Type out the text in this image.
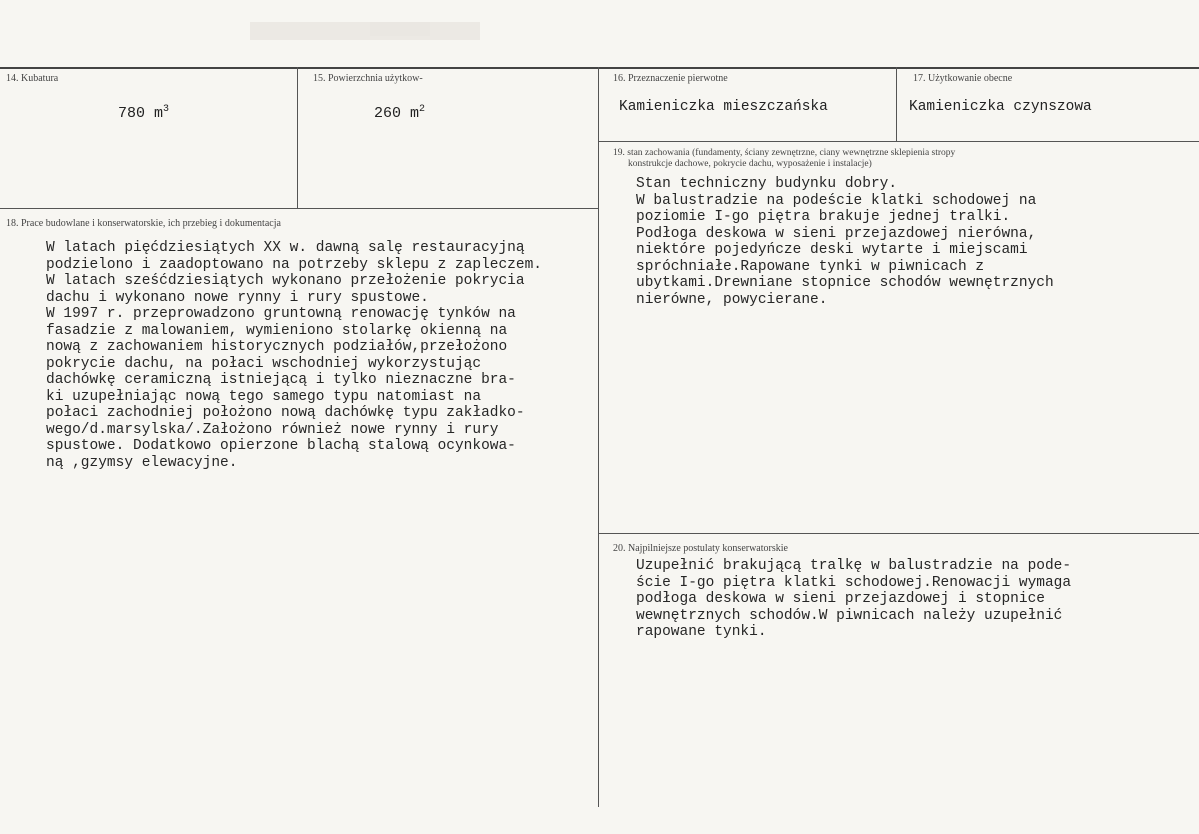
14. Kubatura
780 $m^3$
15. Powierzchnia użytkow-
260 $m^2$
16. Przeznaczenie pierwotne
Kamieniczka mieszczańska
17. Użytkowanie obecne
Kamieniczka czynszowa
18. Prace budowlane i konserwatorskie, ich przebieg i dokumentacja
W latach pięćdziesiątych XX w. dawną salę restauracyjną
podzielono i zaadoptowano na potrzeby sklepu z zapleczem.
W latach sześćdziesiątych wykonano przełożenie pokrycia
dachu i wykonano nowe rynny i rury spustowe.
W 1997 r. przeprowadzono gruntowną renowację tynków na
fasadzie z malowaniem, wymieniono stolarkę okienną na
nową z zachowaniem historycznych podziałów,przełożono
pokrycie dachu, na połaci wschodniej wykorzystując
dachówkę ceramiczną istniejącą i tylko nieznaczne bra-
ki uzupełniając nową tego samego typu natomiast na
połaci zachodniej położono nową dachówkę typu zakładko-
wego/d.marsylska/.Założono również nowe rynny i rury
spustowe. Dodatkowo opierzone blachą stalową ocynkowa-
ną ,gzymsy elewacyjne.
19. stan zachowania (fundamenty, ściany zewnętrzne, ciany wewnętrzne sklepienia stropy
konstrukcje dachowe, pokrycie dachu, wyposażenie i instalacje)
Stan techniczny budynku dobry.
W balustradzie na podeście klatki schodowej na
poziomie I-go piętra brakuje jednej tralki.
Podłoga deskowa w sieni przejazdowej nierówna,
niektóre pojedyńcze deski wytarte i miejscami
spróchniałe.Rapowane tynki w piwnicach z
ubytkami.Drewniane stopnice schodów wewnętrznych
nierówne, powycierane.
20. Najpilniejsze postulaty konserwatorskie
Uzupełnić brakującą tralkę w balustradzie na pode-
ście I-go piętra klatki schodowej.Renowacji wymaga
podłoga deskowa w sieni przejazdowej i stopnice
wewnętrznych schodów.W piwnicach należy uzupełnić
rapowane tynki.
